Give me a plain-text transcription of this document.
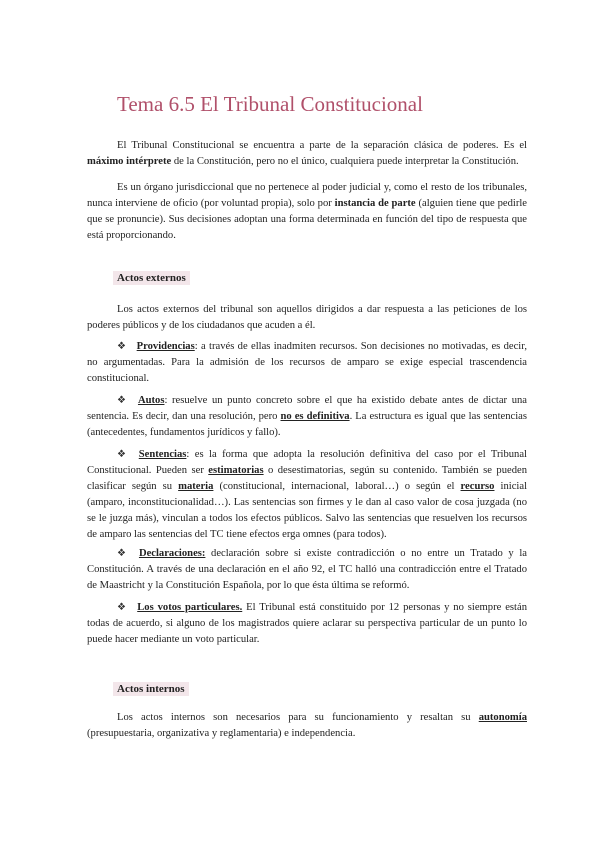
Tema 6.5 El Tribunal Constitucional

El Tribunal Constitucional se encuentra a parte de la separación clásica de poderes. Es el máximo intérprete de la Constitución, pero no el único, cualquiera puede interpretar la Constitución.

Es un órgano jurisdiccional que no pertenece al poder judicial y, como el resto de los tribunales, nunca interviene de oficio (por voluntad propia), solo por instancia de parte (alguien tiene que pedirle que se pronuncie). Sus decisiones adoptan una forma determinada en función del tipo de respuesta que está proporcionando.

Actos externos

Los actos externos del tribunal son aquellos dirigidos a dar respuesta a las peticiones de los poderes públicos y de los ciudadanos que acuden a él.

❖ Providencias: a través de ellas inadmiten recursos. Son decisiones no motivadas, es decir, no argumentadas. Para la admisión de los recursos de amparo se exige especial trascendencia constitucional.

❖ Autos: resuelve un punto concreto sobre el que ha existido debate antes de dictar una sentencia. Es decir, dan una resolución, pero no es definitiva. La estructura es igual que las sentencias (antecedentes, fundamentos jurídicos y fallo).

❖ Sentencias: es la forma que adopta la resolución definitiva del caso por el Tribunal Constitucional. Pueden ser estimatorias o desestimatorias, según su contenido. También se pueden clasificar según su materia (constitucional, internacional, laboral…) o según el recurso inicial (amparo, inconstitucionalidad…). Las sentencias son firmes y le dan al caso valor de cosa juzgada (no se le juzga más), vinculan a todos los efectos públicos. Salvo las sentencias que resuelven los recursos de amparo las sentencias del TC tiene efectos erga omnes (para todos).

❖ Declaraciones: declaración sobre si existe contradicción o no entre un Tratado y la Constitución. A través de una declaración en el año 92, el TC halló una contradicción entre el Tratado de Maastricht y la Constitución Española, por lo que ésta última se reformó.

❖ Los votos particulares. El Tribunal está constituido por 12 personas y no siempre están todas de acuerdo, si alguno de los magistrados quiere aclarar su perspectiva particular de un punto lo puede hacer mediante un voto particular.

Actos internos

Los actos internos son necesarios para su funcionamiento y resaltan su autonomía (presupuestaria, organizativa y reglamentaria) e independencia.
